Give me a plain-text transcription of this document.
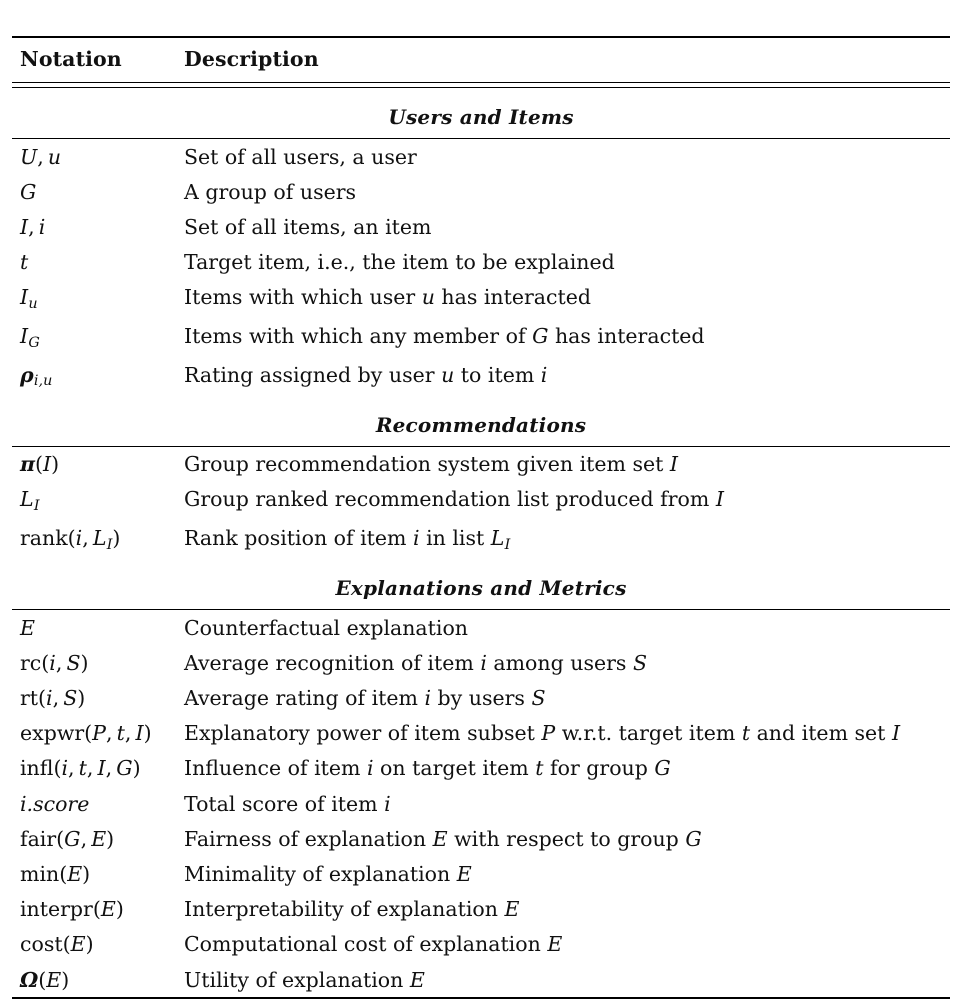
Notation	Description

Users and Items	

U, u	Set of all users, a user
G	A group of users
I, i	Set of all items, an item
t	Target item, i.e., the item to be explained
Iu	Items with which user u has interacted
IG	Items with which any member of G has interacted
ρi,u	Rating assigned by user u to item i
Recommendations	

π(I)	Group recommendation system given item set I
LI	Group ranked recommendation list produced from I
rank(i, LI)	Rank position of item i in list LI
Explanations and Metrics	

E	Counterfactual explanation
rc(i, S)	Average recognition of item i among users S
rt(i, S)	Average rating of item i by users S
expwr(P, t, I)	Explanatory power of item subset P w.r.t. target item t and item set I
infl(i, t, I, G)	Influence of item i on target item t for group G
i.score	Total score of item i
fair(G, E)	Fairness of explanation E with respect to group G
min(E)	Minimality of explanation E
interpr(E)	Interpretability of explanation E
cost(E)	Computational cost of explanation E
Ω(E)	Utility of explanation E
